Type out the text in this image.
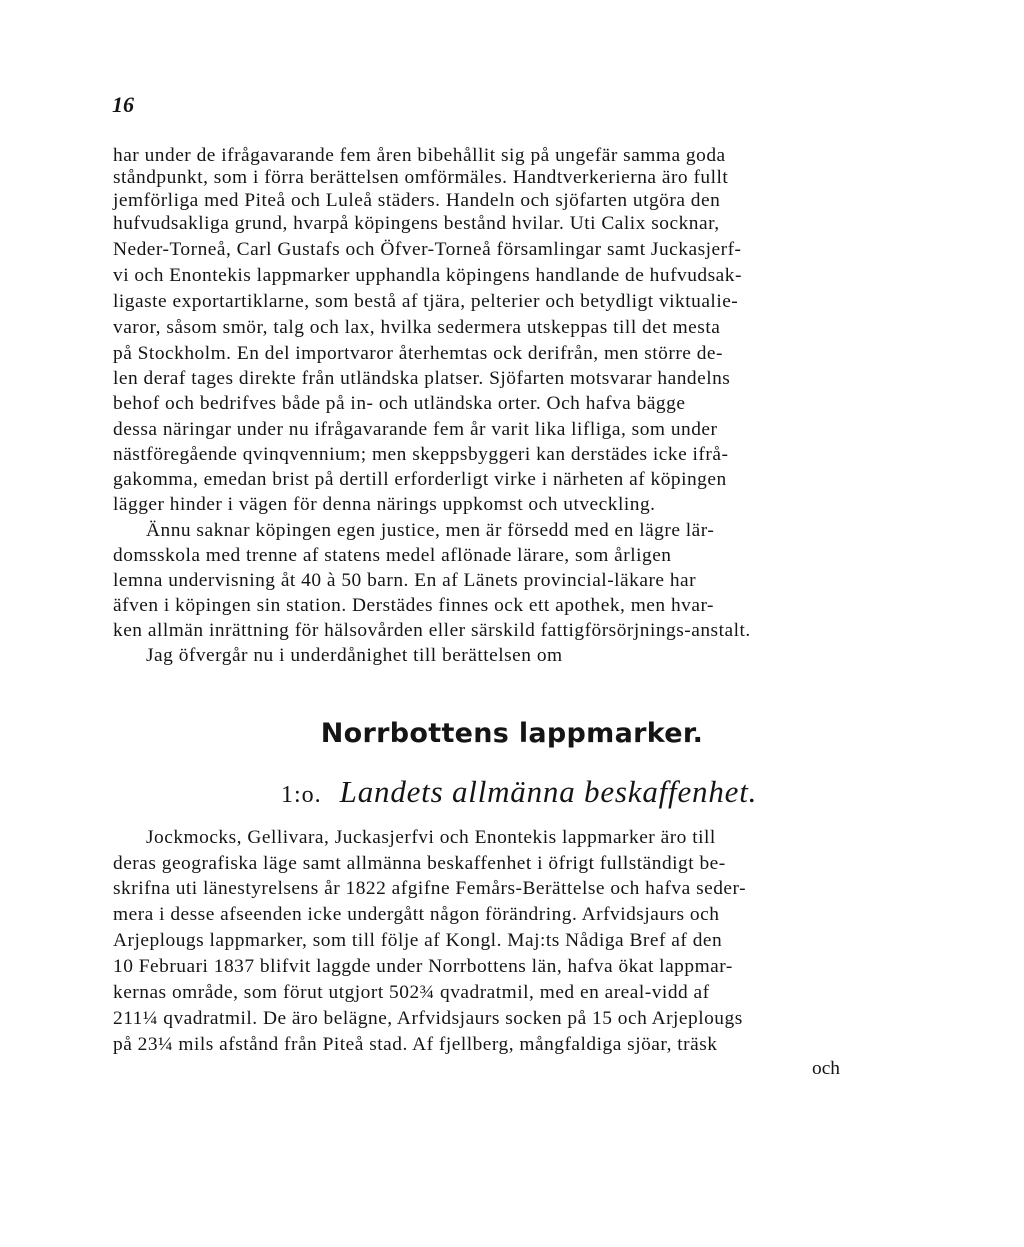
16
har under de ifrågavarande fem åren bibehållit sig på ungefär samma goda
ståndpunkt, som i förra berättelsen omförmäles. Handtverkerierna äro fullt
jemförliga med Piteå och Luleå städers. Handeln och sjöfarten utgöra den
hufvudsakliga grund, hvarpå köpingens bestånd hvilar. Uti Calix socknar,
Neder-Torneå, Carl Gustafs och Öfver-Torneå församlingar samt Juckasjerf-
vi och Enontekis lappmarker upphandla köpingens handlande de hufvudsak-
ligaste exportartiklarne, som bestå af tjära, pelterier och betydligt viktualie-
varor, såsom smör, talg och lax, hvilka sedermera utskeppas till det mesta
på Stockholm. En del importvaror återhemtas ock derifrån, men större de-
len deraf tages direkte från utländska platser. Sjöfarten motsvarar handelns
behof och bedrifves både på in- och utländska orter. Och hafva bägge
dessa näringar under nu ifrågavarande fem år varit lika lifliga, som under
nästföregående qvinqvennium; men skeppsbyggeri kan derstädes icke ifrå-
gakomma, emedan brist på dertill erforderligt virke i närheten af köpingen
lägger hinder i vägen för denna närings uppkomst och utveckling.
Ännu saknar köpingen egen justice, men är försedd med en lägre lär-
domsskola med trenne af statens medel aflönade lärare, som årligen
lemna undervisning åt 40 à 50 barn. En af Länets provincial-läkare har
äfven i köpingen sin station. Derstädes finnes ock ett apothek, men hvar-
ken allmän inrättning för hälsovården eller särskild fattigförsörjnings-anstalt.
Jag öfvergår nu i underdånighet till berättelsen om
Norrbottens lappmarker.
1:o. Landets allmänna beskaffenhet.
Jockmocks, Gellivara, Juckasjerfvi och Enontekis lappmarker äro till
deras geografiska läge samt allmänna beskaffenhet i öfrigt fullständigt be-
skrifna uti länestyrelsens år 1822 afgifne Femårs-Berättelse och hafva seder-
mera i desse afseenden icke undergått någon förändring. Arfvidsjaurs och
Arjeplougs lappmarker, som till följe af Kongl. Maj:ts Nådiga Bref af den
10 Februari 1837 blifvit laggde under Norrbottens län, hafva ökat lappmar-
kernas område, som förut utgjort 502¾ qvadratmil, med en areal-vidd af
211¼ qvadratmil. De äro belägne, Arfvidsjaurs socken på 15 och Arjeplougs
på 23¼ mils afstånd från Piteå stad. Af fjellberg, mångfaldiga sjöar, träsk
och
